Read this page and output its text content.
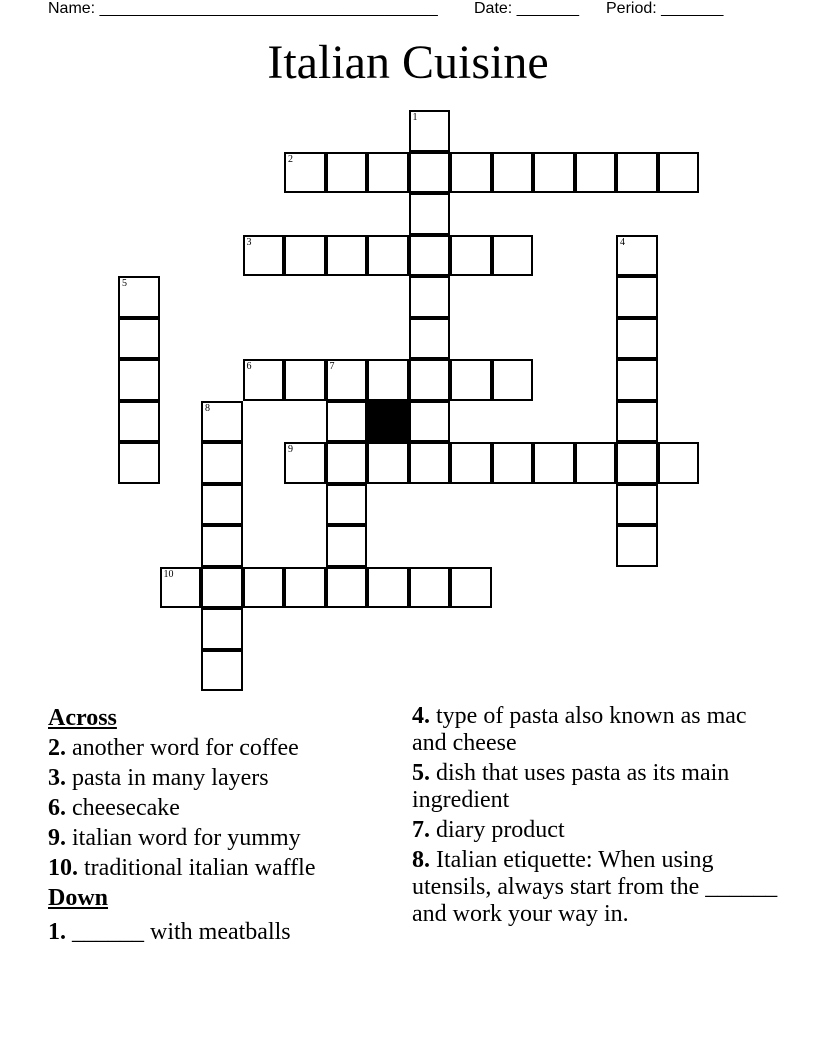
Name: ______________________________________ Date: _______ Period: _______
Italian Cuisine
2
3
6	7
9
10
1
4
5
8
Across
2. another word for coffee
3. pasta in many layers
6. cheesecake
9. italian word for yummy
10. traditional italian waffle
Down
1. ______ with meatballs
4. type of pasta also known as mac and cheese
5. dish that uses pasta as its main ingredient
7. diary product
8. Italian etiquette: When using utensils, always start from the ______ and work your way in.
